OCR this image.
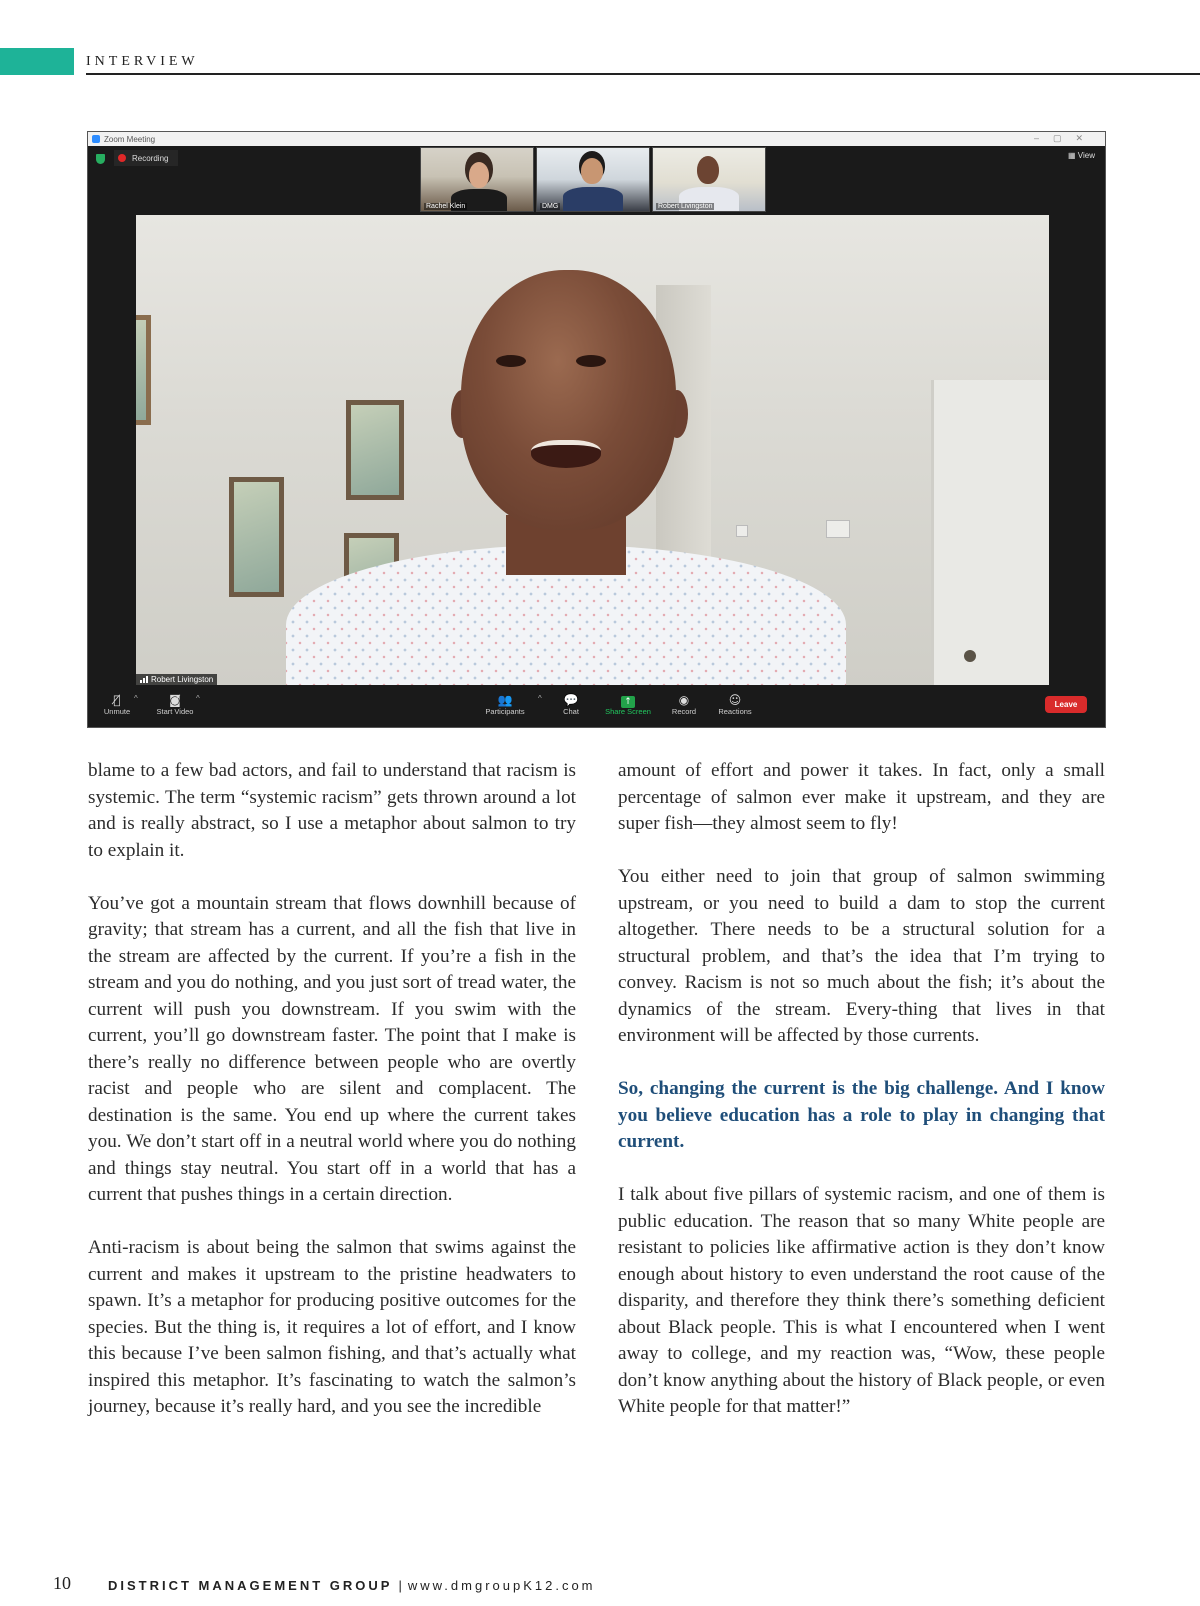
INTERVIEW
Zoom Meeting	–▢✕
Recording	▦ View
Rachel Klein	DMG	Robert Livingston
Robert Livingston
🎙̸
Unmute
^	◙̸
Start Video
^	👥
Participants
^	💬
Chat
↑
Share Screen
◉
Record
☺
Reactions
Leave

blame to a few bad actors, and fail to understand that racism is systemic. The term “systemic racism” gets thrown around a lot and is really abstract, so I use a metaphor about salmon to try to explain it.

You’ve got a mountain stream that flows downhill because of gravity; that stream has a current, and all the fish that live in the stream are affected by the current. If you’re a fish in the stream and you do nothing, and you just sort of tread water, the current will push you downstream. If you swim with the current, you’ll go downstream faster. The point that I make is there’s really no difference between people who are overtly racist and people who are silent and complacent. The destination is the same. You end up where the current takes you. We don’t start off in a neutral world where you do nothing and things stay neutral. You start off in a world that has a current that pushes things in a certain direction.

Anti-racism is about being the salmon that swims against the current and makes it upstream to the pristine headwaters to spawn. It’s a metaphor for producing positive outcomes for the species. But the thing is, it requires a lot of effort, and I know this because I’ve been salmon fishing, and that’s actually what inspired this metaphor. It’s fascinating to watch the salmon’s journey, because it’s really hard, and you see the incredible

amount of effort and power it takes. In fact, only a small percentage of salmon ever make it upstream, and they are super fish—they almost seem to fly!

You either need to join that group of salmon swimming upstream, or you need to build a dam to stop the current altogether. There needs to be a structural solution for a structural problem, and that’s the idea that I’m trying to convey. Racism is not so much about the fish; it’s about the dynamics of the stream. Every-thing that lives in that environment will be affected by those currents.

So, changing the current is the big challenge. And I know you believe education has a role to play in changing that current.

I talk about five pillars of systemic racism, and one of them is public education. The reason that so many White people are resistant to policies like affirmative action is they don’t know enough about history to even understand the root cause of the disparity, and therefore they think there’s something deficient about Black people. This is what I encountered when I went away to college, and my reaction was, “Wow, these people don’t know anything about the history of Black people, or even White people for that matter!”

10	DISTRICT MANAGEMENT GROUP | www.dmgroupK12.com
